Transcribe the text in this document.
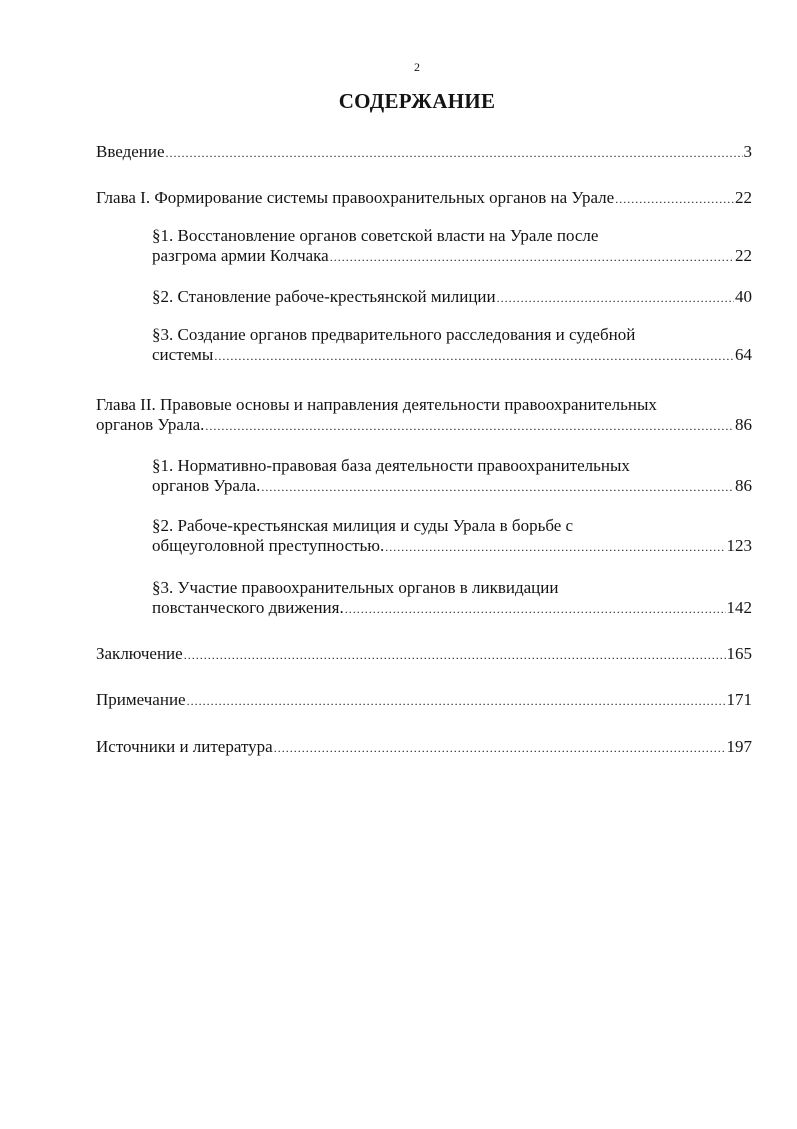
2
СОДЕРЖАНИЕ
Введение .....	3
Глава I. Формирование системы правоохранительных органов на Урале .....	22
§1. Восстановление органов советской власти на Урале после
разгрома армии Колчака .....	22
§2. Становление рабоче-крестьянской милиции .....	40
§3. Создание органов предварительного расследования и судебной
системы .....	64
Глава II. Правовые основы и направления деятельности правоохранительных
органов Урала. .....	86
§1. Нормативно-правовая база деятельности правоохранительных
органов Урала. .....	86
§2. Рабоче-крестьянская милиция и суды Урала в борьбе с
общеуголовной преступностью. .....	123
§3. Участие правоохранительных органов в ликвидации
повстанческого движения. .....	142
Заключение .....	165
Примечание .....	171
Источники и литература .....	197
